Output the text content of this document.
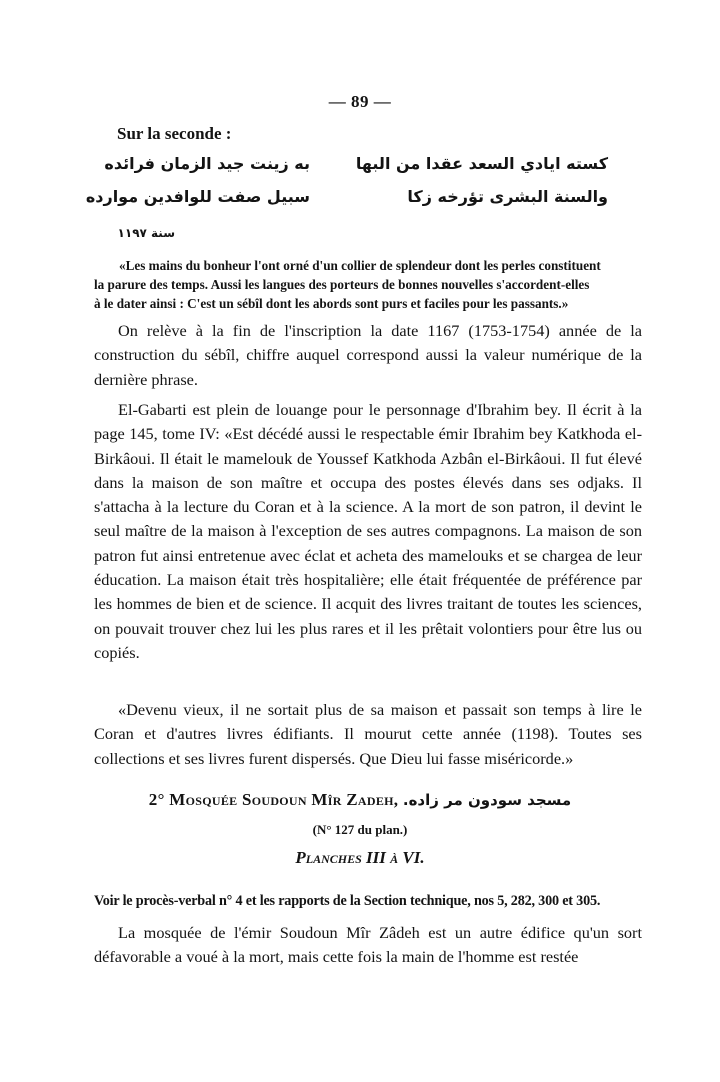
— 89 —
Sur la seconde :
كسته ايادي السعد عقدا من البها
به زينت جيد الزمان فرائده
والسنة البشرى تؤرخه زكا
سبيل صفت للوافدين موارده
سنة ١١٩٧
«Les mains du bonheur l'ont orné d'un collier de splendeur dont les perles constituent
la parure des temps. Aussi les langues des porteurs de bonnes nouvelles s'accordent-elles
à le dater ainsi : C'est un sébîl dont les abords sont purs et faciles pour les passants.»

On relève à la fin de l'inscription la date 1167 (1753-1754) année de la construction du sébîl, chiffre auquel correspond aussi la valeur numérique de la dernière phrase.

El-Gabarti est plein de louange pour le personnage d'Ibrahim bey. Il écrit à la page 145, tome IV: «Est décédé aussi le respectable émir Ibrahim bey Katkhoda el-Birkâoui. Il était le mamelouk de Youssef Katkhoda Azbân el-Birkâoui. Il fut élevé dans la maison de son maître et occupa des postes élevés dans ses odjaks. Il s'attacha à la lecture du Coran et à la science. A la mort de son patron, il devint le seul maître de la maison à l'exception de ses autres compagnons. La maison de son patron fut ainsi entretenue avec éclat et acheta des mamelouks et se chargea de leur éducation. La maison était très hospitalière; elle était fréquentée de préférence par les hommes de bien et de science. Il acquit des livres traitant de toutes les sciences, on pouvait trouver chez lui les plus rares et il les prêtait volontiers pour être lus ou copiés.

«Devenu vieux, il ne sortait plus de sa maison et passait son temps à lire le Coran et d'autres livres édifiants. Il mourut cette année (1198). Toutes ses collections et ses livres furent dispersés. Que Dieu lui fasse miséricorde.»

2° Mosquée Soudoun Mîr Zadeh, مسجد سودون مر زاده.
(N° 127 du plan.)
Planches III à VI.
Voir le procès-verbal n° 4 et les rapports de la Section technique, nos 5, 282, 300 et 305.

La mosquée de l'émir Soudoun Mîr Zâdeh est un autre édifice qu'un sort défavorable a voué à la mort, mais cette fois la main de l'homme est restée
